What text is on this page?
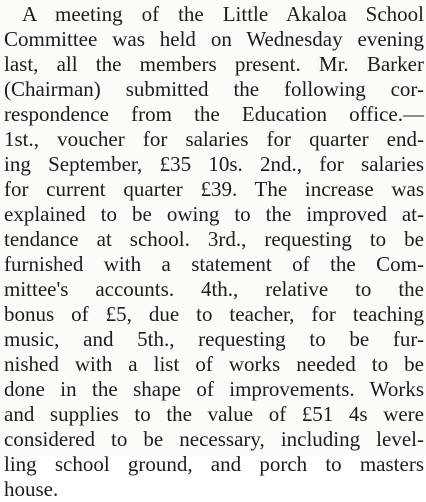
A meeting of the Little Akaloa School
Committee was held on Wednesday evening
last, all the members present. Mr. Barker
(Chairman) submitted the following cor-
respondence from the Education office.—
1st., voucher for salaries for quarter end-
ing September, £35 10s. 2nd., for salaries
for current quarter £39. The increase was
explained to be owing to the improved at-
tendance at school. 3rd., requesting to be
furnished with a statement of the Com-
mittee's accounts. 4th., relative to the
bonus of £5, due to teacher, for teaching
music, and 5th., requesting to be fur-
nished with a list of works needed to be
done in the shape of improvements. Works
and supplies to the value of £51 4s were
considered to be necessary, including level-
ling school ground, and porch to masters
house.
